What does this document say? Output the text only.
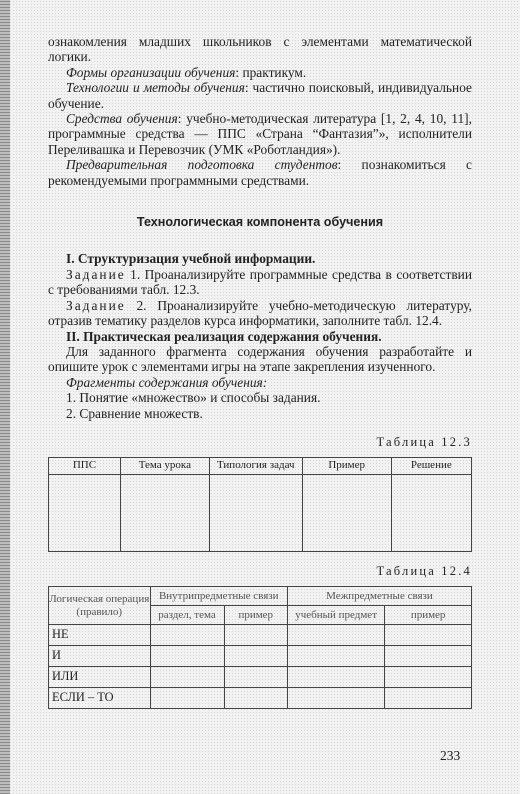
ознакомления младших школьников с элементами математической логики.

Формы организации обучения: практикум.

Технологии и методы обучения: частично поисковый, индивидуальное обучение.

Средства обучения: учебно-методическая литература [1, 2, 4, 10, 11], программные средства — ППС «Страна “Фантазия”», исполнители Переливашка и Перевозчик (УМК «Роботландия»).

Предварительная подготовка студентов: познакомиться с рекомендуемыми программными средствами.

Технологическая компонента обучения

I. Структуризация учебной информации.

Задание 1. Проанализируйте программные средства в соответствии с требованиями табл. 12.3.

Задание 2. Проанализируйте учебно-методическую литературу, отразив тематику разделов курса информатики, заполните табл. 12.4.

II. Практическая реализация содержания обучения.

Для заданного фрагмента содержания обучения разработайте и опишите урок с элементами игры на этапе закрепления изученного.

Фрагменты содержания обучения:

1. Понятие «множество» и способы задания.

2. Сравнение множеств.

Таблица 12.3
ППС	Тема урока	Типология задач	Пример	Решение

Таблица 12.4
Логическая операция (правило)	Внутрипредметные связи		Межпредметные связи	
	раздел, тема	пример	учебный предмет	пример
НЕ				
И				
ИЛИ				
ЕСЛИ – ТО				
233
